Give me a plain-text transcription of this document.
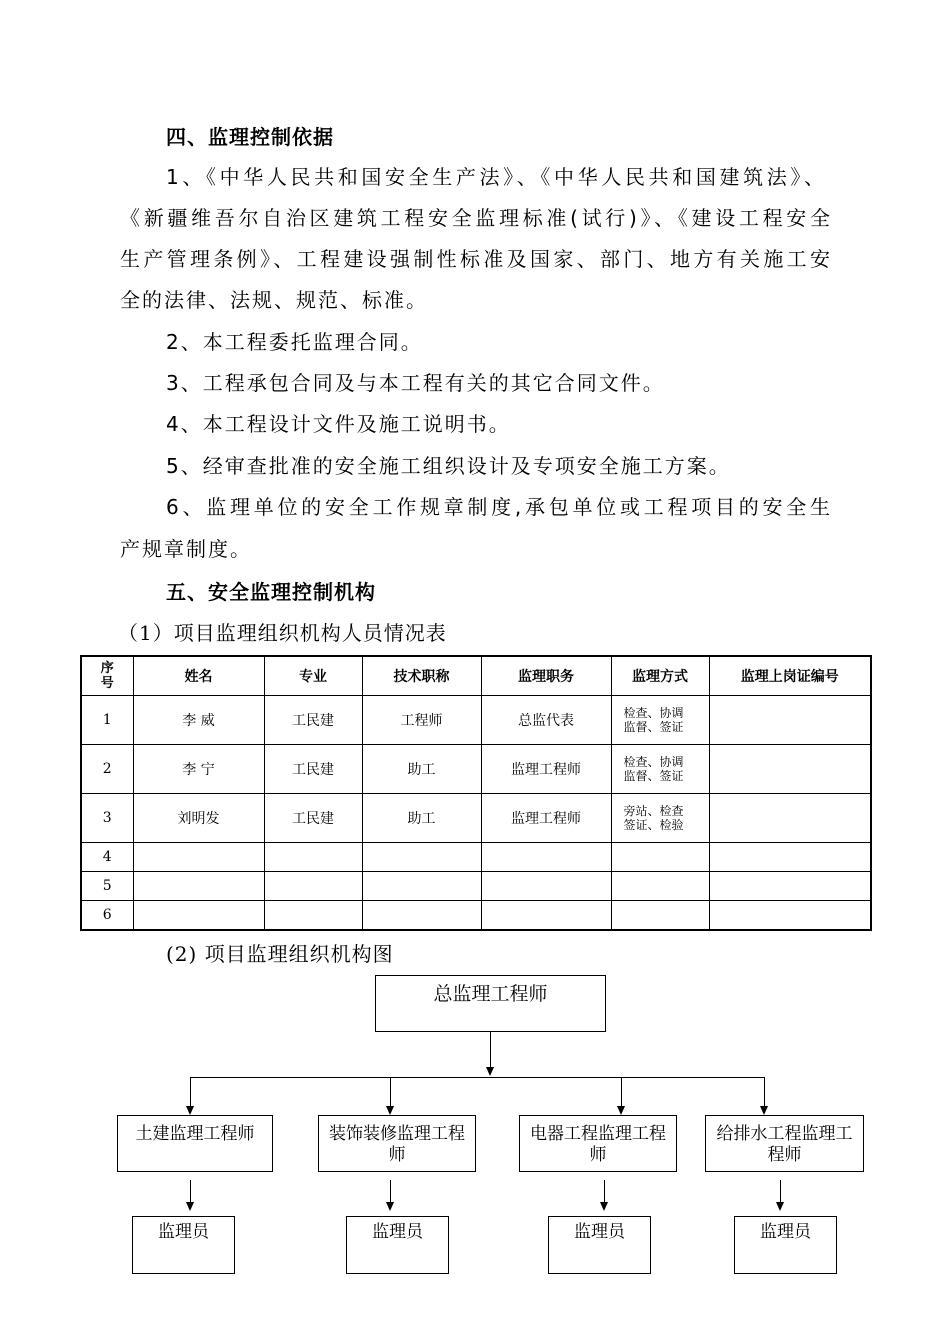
四、监理控制依据
1、《中华人民共和国安全生产法》、《中华人民共和国建筑法》、
《新疆维吾尔自治区建筑工程安全监理标准(试行)》、《建设工程安全
生产管理条例》、工程建设强制性标准及国家、部门、地方有关施工安
全的法律、法规、规范、标准。
2、本工程委托监理合同。
3、工程承包合同及与本工程有关的其它合同文件。
4、本工程设计文件及施工说明书。
5、经审查批准的安全施工组织设计及专项安全施工方案。
6、监理单位的安全工作规章制度,承包单位或工程项目的安全生
产规章制度。
五、安全监理控制机构
（1）项目监理组织机构人员情况表
序
号	姓名	专业	技术职称	监理职务	监理方式	监理上岗证编号
1	李 威	工民建	工程师	总监代表	检查、协调
监督、签证	

2	李 宁	工民建	助工	监理工程师	检查、协调
监督、签证	

3	刘明发	工民建	助工	监理工程师	旁站、检查
签证、检验	

4					

5					

6					

(2) 项目监理组织机构图
总监理工程师
土建监理工程师	装饰装修监理工程师
电器工程监理工程师
给排水工程监理工程师
监理员	监理员	监理员	监理员
